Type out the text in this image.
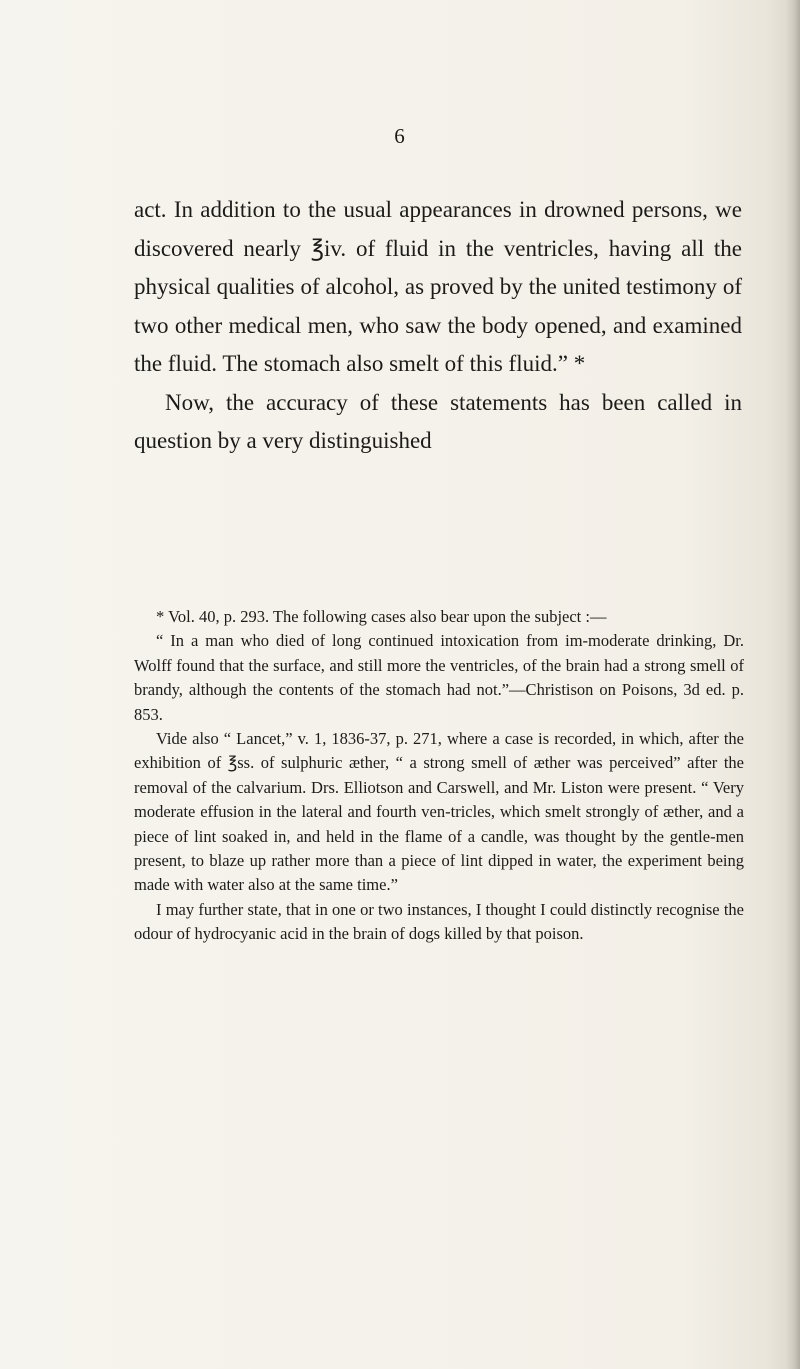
6

act. In addition to the usual appearances in drowned persons, we discovered nearly ℥iv. of fluid in the ventricles, having all the physical qualities of alcohol, as proved by the united testimony of two other medical men, who saw the body opened, and examined the fluid. The stomach also smelt of this fluid.” *

Now, the accuracy of these statements has been called in question by a very distinguished

* Vol. 40, p. 293. The following cases also bear upon the subject :—

“ In a man who died of long continued intoxication from im-moderate drinking, Dr. Wolff found that the surface, and still more the ventricles, of the brain had a strong smell of brandy, although the contents of the stomach had not.”—Christison on Poisons, 3d ed. p. 853.

Vide also “ Lancet,” v. 1, 1836-37, p. 271, where a case is recorded, in which, after the exhibition of ℥ss. of sulphuric æther, “ a strong smell of æther was perceived” after the removal of the calvarium. Drs. Elliotson and Carswell, and Mr. Liston were present. “ Very moderate effusion in the lateral and fourth ven-tricles, which smelt strongly of æther, and a piece of lint soaked in, and held in the flame of a candle, was thought by the gentle-men present, to blaze up rather more than a piece of lint dipped in water, the experiment being made with water also at the same time.”

I may further state, that in one or two instances, I thought I could distinctly recognise the odour of hydrocyanic acid in the brain of dogs killed by that poison.
